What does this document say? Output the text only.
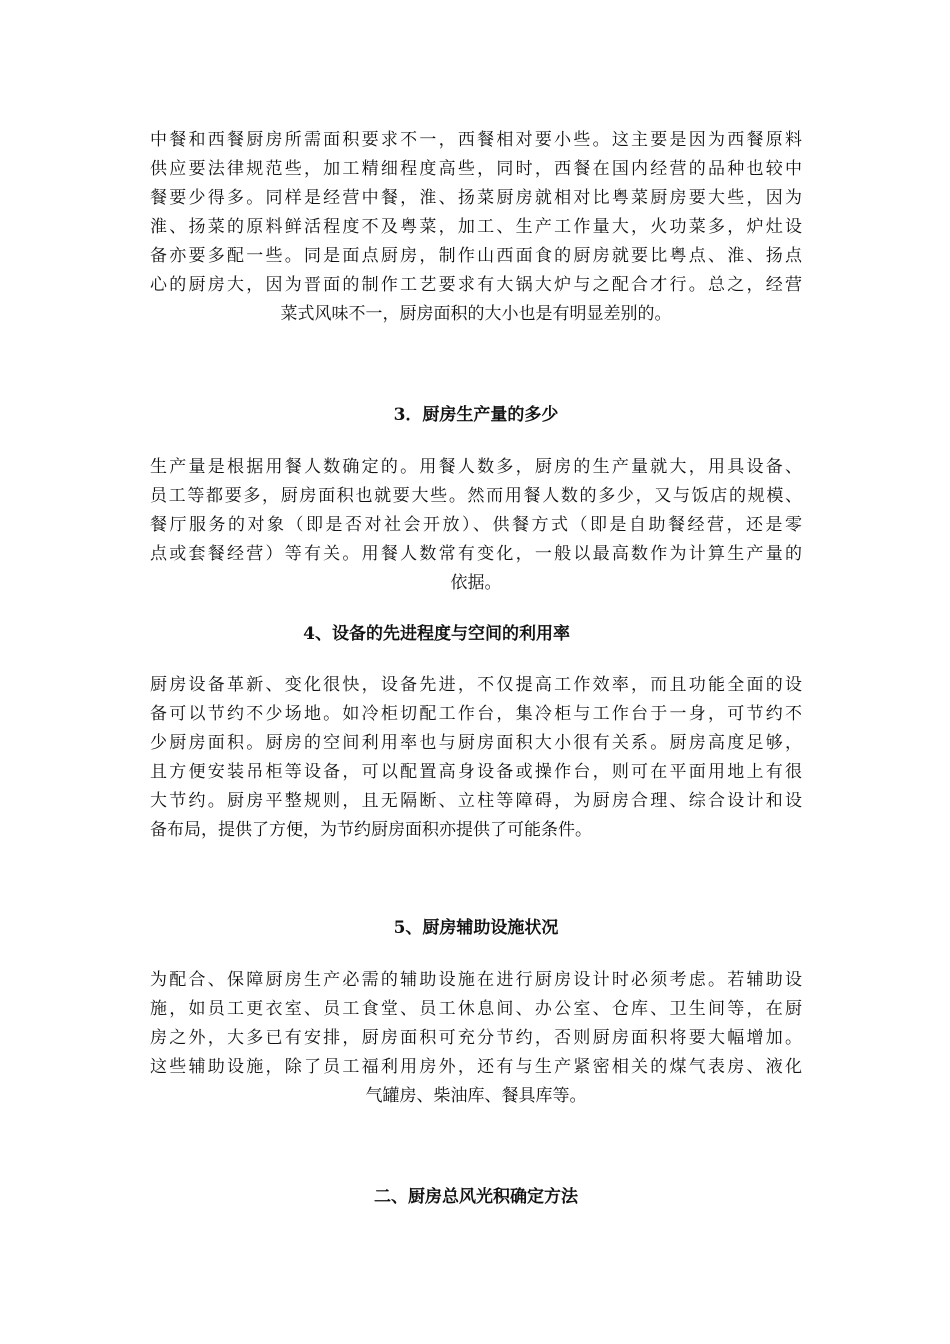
中餐和西餐厨房所需面积要求不一，西餐相对要小些。这主要是因为西餐原料
供应要法律规范些，加工精细程度高些，同时，西餐在国内经营的品种也较中
餐要少得多。同样是经营中餐，淮、扬菜厨房就相对比粤菜厨房要大些，因为
淮、扬菜的原料鲜活程度不及粤菜，加工、生产工作量大，火功菜多，炉灶设
备亦要多配一些。同是面点厨房，制作山西面食的厨房就要比粤点、淮、扬点
心的厨房大，因为晋面的制作工艺要求有大锅大炉与之配合才行。总之，经营
菜式风味不一，厨房面积的大小也是有明显差别的。
3．厨房生产量的多少
生产量是根据用餐人数确定的。用餐人数多，厨房的生产量就大，用具设备、
员工等都要多，厨房面积也就要大些。然而用餐人数的多少，又与饭店的规模、
餐厅服务的对象（即是否对社会开放）、供餐方式（即是自助餐经营，还是零
点或套餐经营）等有关。用餐人数常有变化，一般以最高数作为计算生产量的
依据。
4、设备的先进程度与空间的利用率
厨房设备革新、变化很快，设备先进，不仅提高工作效率，而且功能全面的设
备可以节约不少场地。如冷柜切配工作台，集冷柜与工作台于一身，可节约不
少厨房面积。厨房的空间利用率也与厨房面积大小很有关系。厨房高度足够，
且方便安装吊柜等设备，可以配置高身设备或操作台，则可在平面用地上有很
大节约。厨房平整规则，且无隔断、立柱等障碍，为厨房合理、综合设计和设
备布局，提供了方便，为节约厨房面积亦提供了可能条件。
5、厨房辅助设施状况
为配合、保障厨房生产必需的辅助设施在进行厨房设计时必须考虑。若辅助设
施，如员工更衣室、员工食堂、员工休息间、办公室、仓库、卫生间等，在厨
房之外，大多已有安排，厨房面积可充分节约，否则厨房面积将要大幅增加。
这些辅助设施，除了员工福利用房外，还有与生产紧密相关的煤气表房、液化
气罐房、柴油库、餐具库等。
二、厨房总风光积确定方法
